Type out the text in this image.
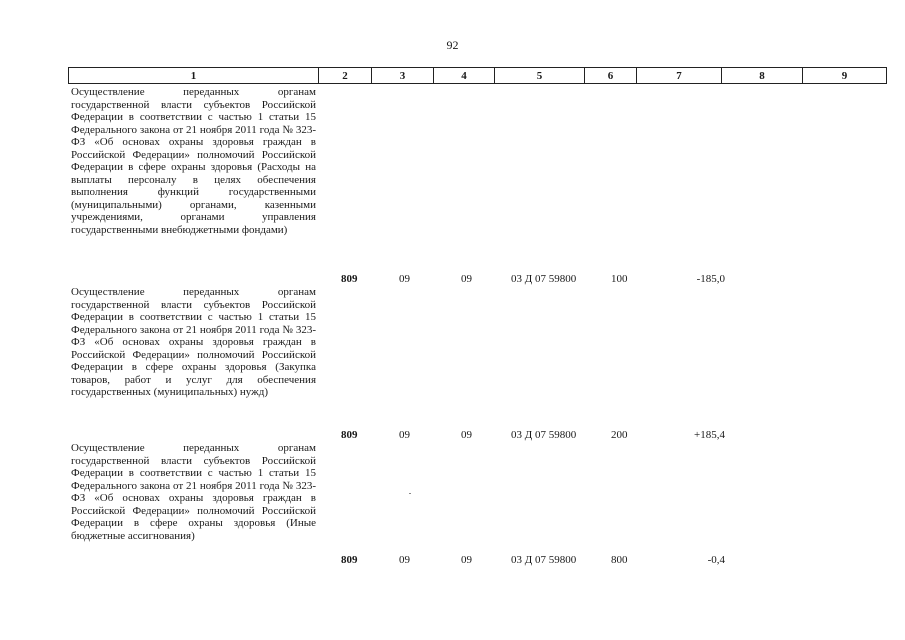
92
1	2	3	4	5	6	7	8	9
Осуществление переданных органам государственной власти субъектов Российской Федерации в соответствии с частью 1 статьи 15 Федерального закона от 21 ноября 2011 года № 323-ФЗ «Об основах охраны здоровья граждан в Российской Федерации» полномочий Российской Федерации в сфере охраны здоровья (Расходы на выплаты персоналу в целях обеспечения выполнения функций государственными (муниципальными) органами, казенными учреждениями, органами управления государственными внебюджетными фондами)
809	09	09	03 Д 07 59800	100	-185,0
Осуществление переданных органам государственной власти субъектов Российской Федерации в соответствии с частью 1 статьи 15 Федерального закона от 21 ноября 2011 года № 323-ФЗ «Об основах охраны здоровья граждан в Российской Федерации» полномочий Российской Федерации в сфере охраны здоровья (Закупка товаров, работ и услуг для обеспечения государственных (муниципальных) нужд)
809	09	09	03 Д 07 59800	200	+185,4
Осуществление переданных органам государственной власти субъектов Российской Федерации в соответствии с частью 1 статьи 15 Федерального закона от 21 ноября 2011 года № 323-ФЗ «Об основах охраны здоровья граждан в Российской Федерации» полномочий Российской Федерации в сфере охраны здоровья (Иные бюджетные ассигнования)
809	09	09	03 Д 07 59800	800	-0,4
